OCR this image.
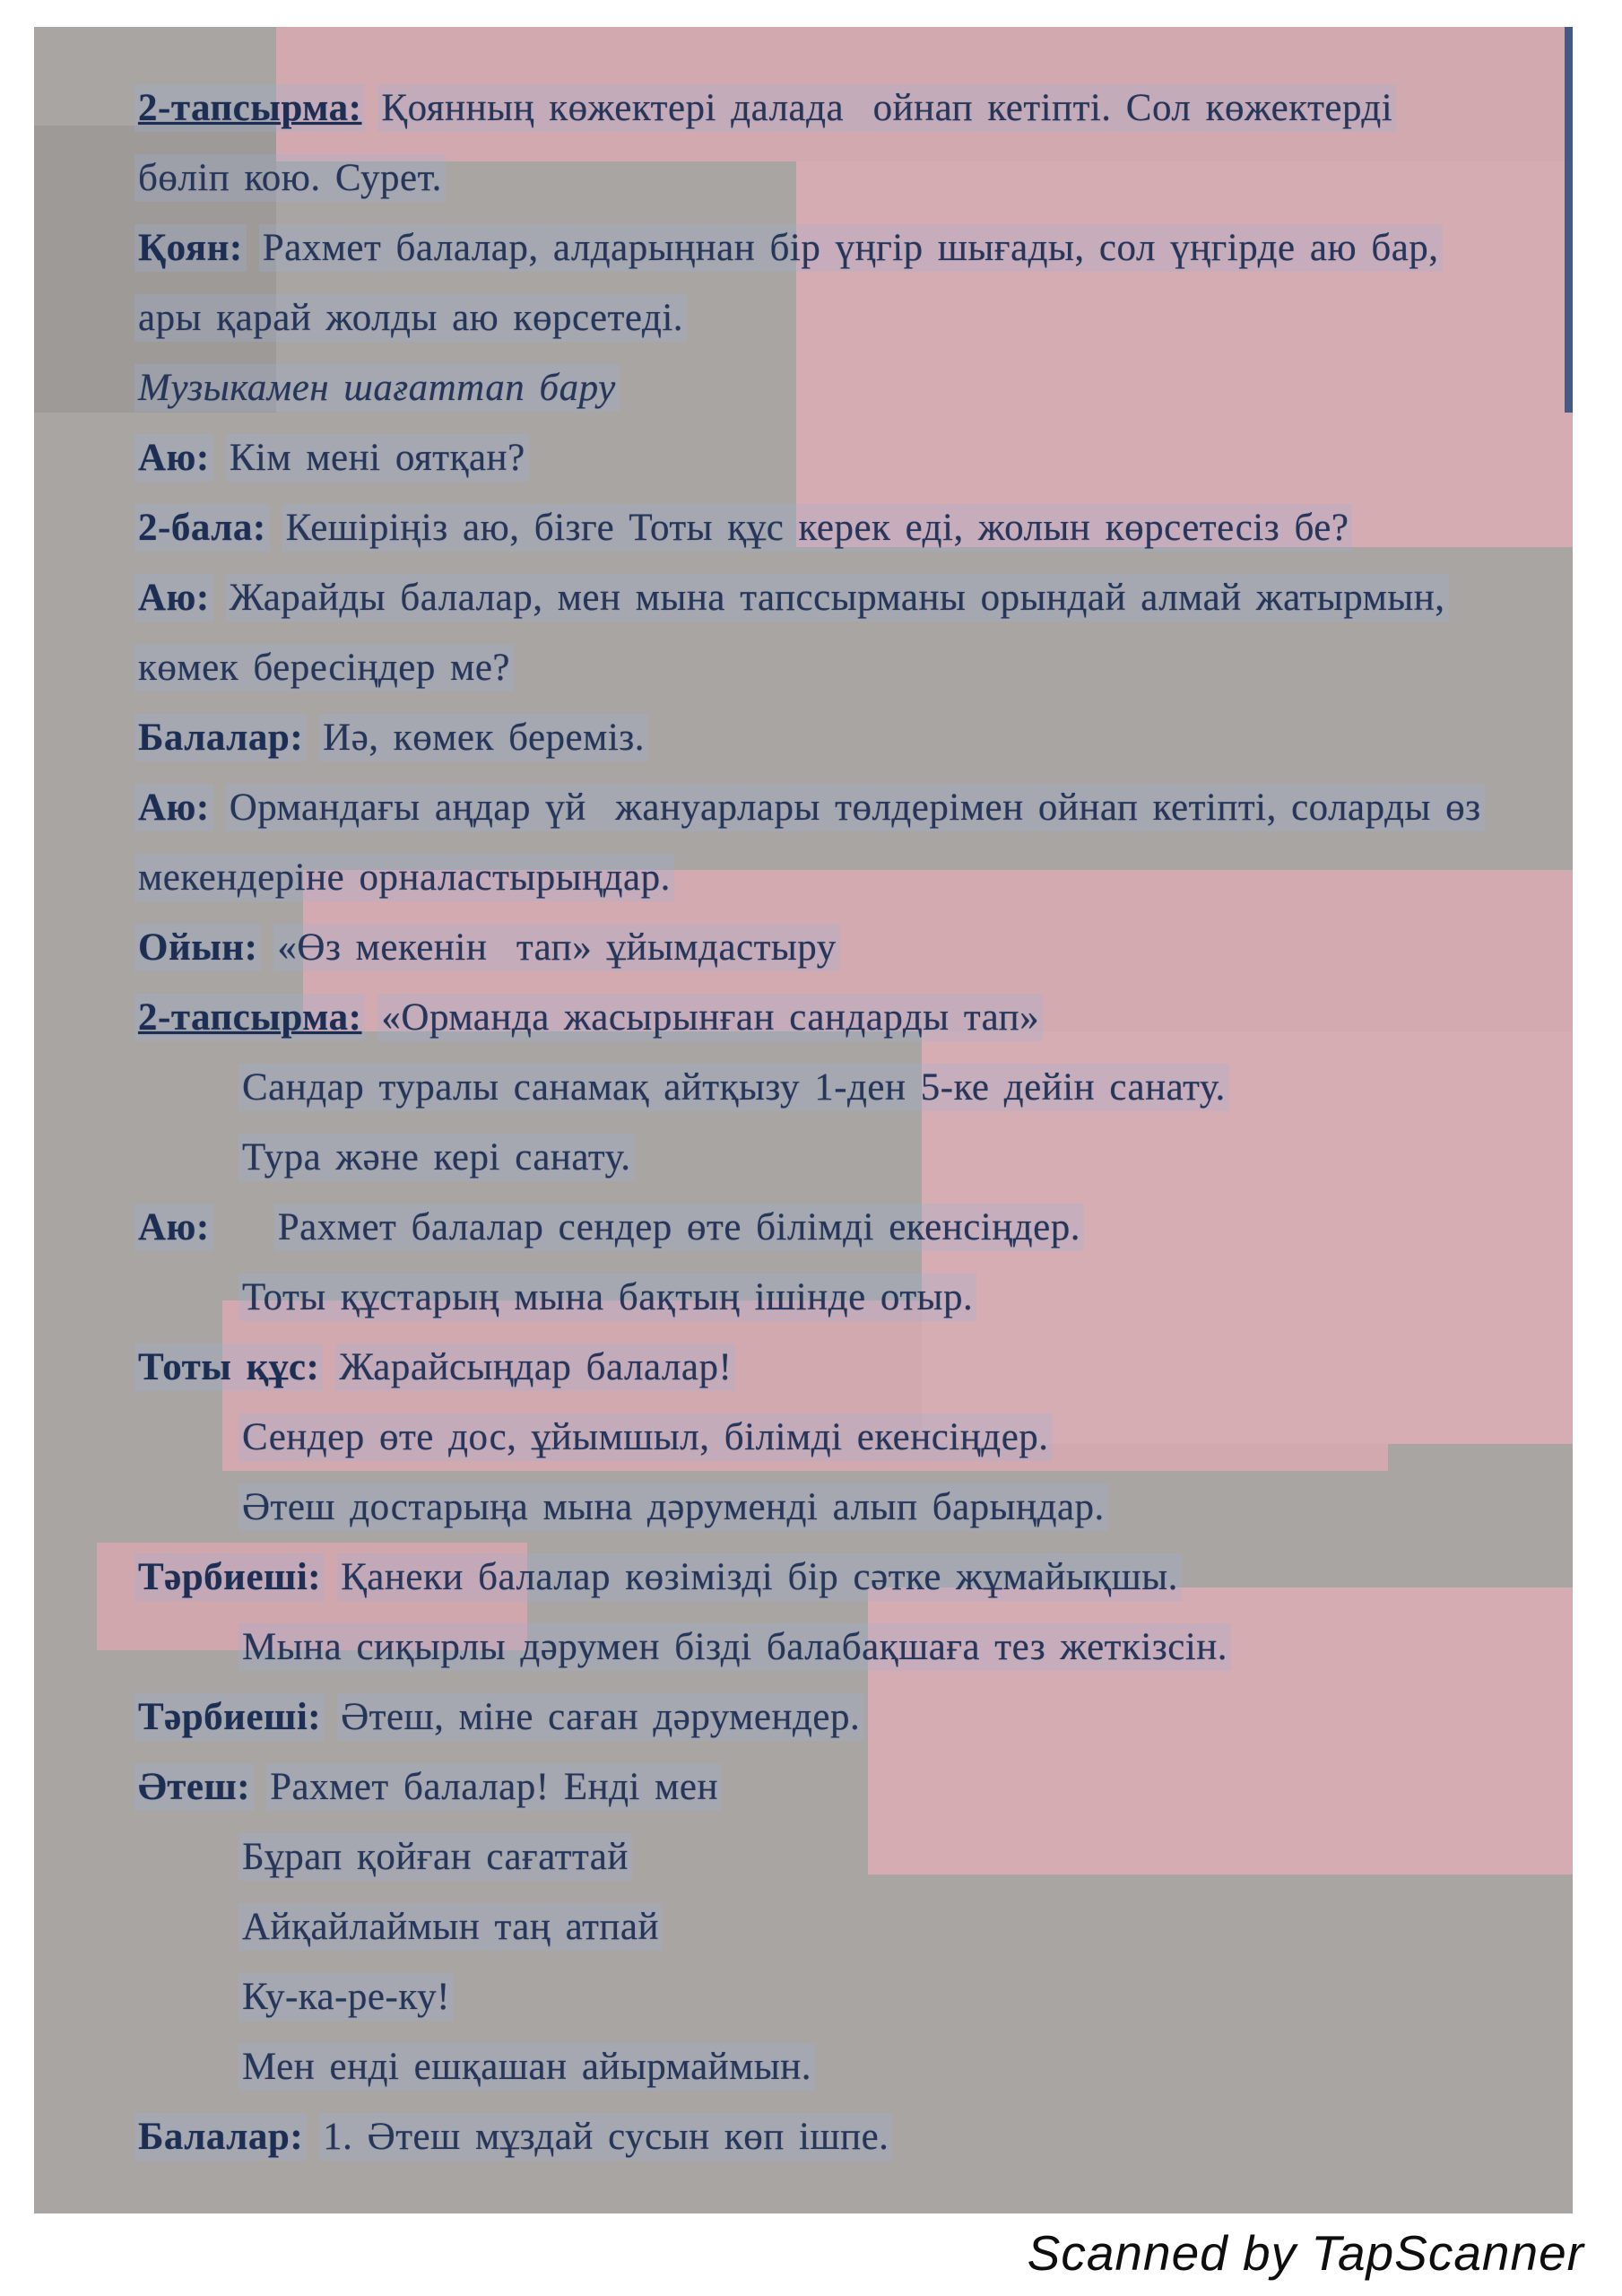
2-тапсырма: Қоянның көжектері далада  ойнап кетіпті. Сол көжектерді

бөліп кою. Сурет.

Қоян: Рахмет балалар, алдарыңнан бір үңгір шығады, сол үңгірде аю бар,

ары қарай жолды аю көрсетеді.

Музыкамен шағаттап бару

Аю: Кім мені оятқан?

2-бала: Кешіріңіз аю, бізге Тоты құс керек еді, жолын көрсетесіз бе?

Аю: Жарайды балалар, мен мына тапссырманы орындай алмай жатырмын,

көмек бересіңдер ме?

Балалар: Иә, көмек береміз.

Аю: Ормандағы аңдар үй  жануарлары төлдерімен ойнап кетіпті, соларды өз

мекендеріне орналастырыңдар.

Ойын: «Өз мекенін  тап» ұйымдастыру

2-тапсырма: «Орманда жасырынған сандарды тап»

Сандар туралы санамақ айтқызу 1-ден 5-ке дейін санату.

Тура және кері санату.

Аю: Рахмет балалар сендер өте білімді екенсіңдер.

Тоты құстарың мына бақтың ішінде отыр.

Тоты құс: Жарайсыңдар балалар!

Сендер өте дос, ұйымшыл, білімді екенсіңдер.

Әтеш достарыңа мына дәруменді алып барыңдар.

Тәрбиеші: Қанеки балалар көзімізді бір сәтке жұмайықшы.

Мына сиқырлы дәрумен бізді балабақшаға тез жеткізсін.

Тәрбиеші: Әтеш, міне саған дәрумендер.

Әтеш: Рахмет балалар! Енді мен

Бұрап қойған сағаттай

Айқайлаймын таң атпай

Ку-ка-ре-ку!

Мен енді ешқашан айырмаймын.

Балалар: 1. Әтеш мұздай сусын көп ішпе.

Scanned by TapScanner
